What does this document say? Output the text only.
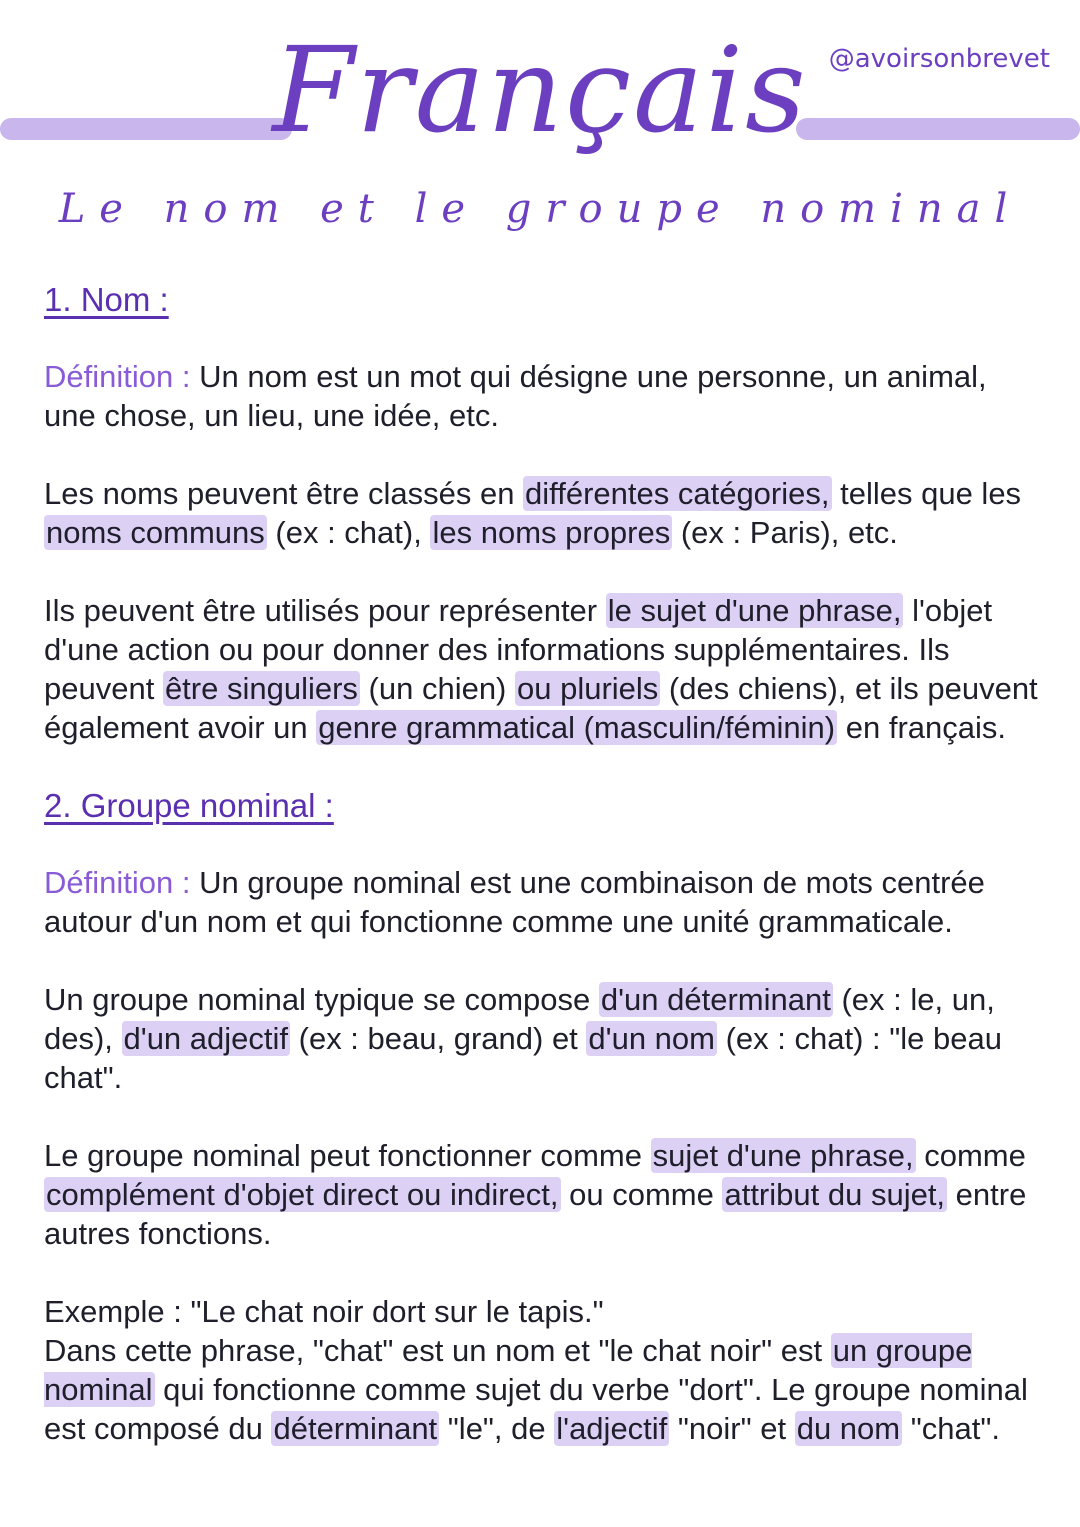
@avoirsonbrevet
Français
Le nom et le groupe nominal
1. Nom :

Définition : Un nom est un mot qui désigne une personne, un animal, une chose, un lieu, une idée, etc.

Les noms peuvent être classés en différentes catégories, telles que les noms communs (ex : chat), les noms propres (ex : Paris), etc.

Ils peuvent être utilisés pour représenter le sujet d'une phrase, l'objet d'une action ou pour donner des informations supplémentaires. Ils peuvent être singuliers (un chien) ou pluriels (des chiens), et ils peuvent également avoir un genre grammatical (masculin/féminin) en français.

2. Groupe nominal :

Définition : Un groupe nominal est une combinaison de mots centrée autour d'un nom et qui fonctionne comme une unité grammaticale.

Un groupe nominal typique se compose d'un déterminant (ex : le, un, des), d'un adjectif (ex : beau, grand) et d'un nom (ex : chat) : "le beau chat".

Le groupe nominal peut fonctionner comme sujet d'une phrase, comme complément d'objet direct ou indirect, ou comme attribut du sujet, entre autres fonctions.

Exemple : "Le chat noir dort sur le tapis."
Dans cette phrase, "chat" est un nom et "le chat noir" est un groupe nominal qui fonctionne comme sujet du verbe "dort". Le groupe nominal est composé du déterminant "le", de l'adjectif "noir" et du nom "chat".
